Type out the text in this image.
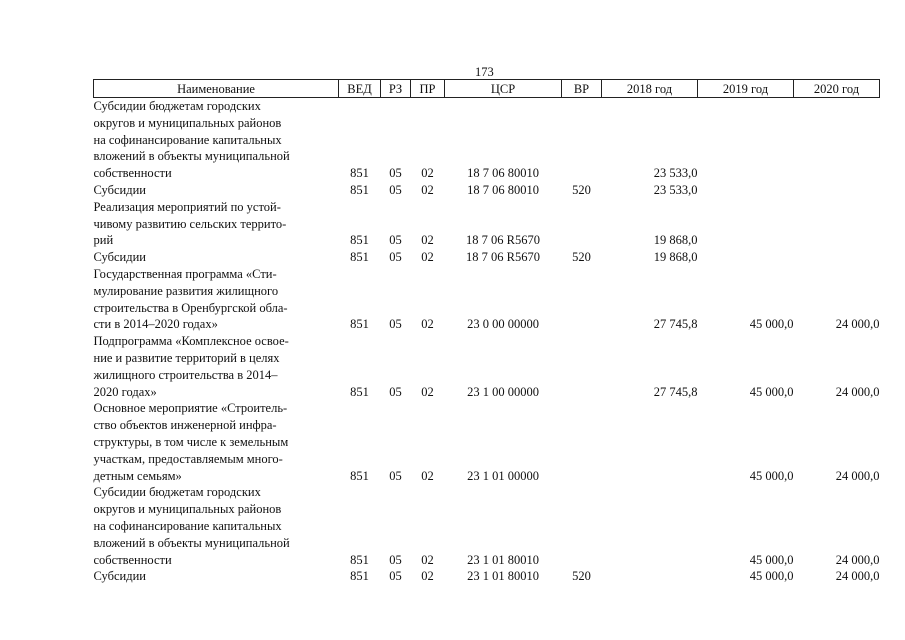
173
Наименование	ВЕД	РЗ	ПР	ЦСР	ВР	2018 год	2019 год	2020 год

Субсидии бюджетам городских
округов и муниципальных районов
на софинансирование капитальных
вложений в объекты муниципальной
собственности	851	05	02	18 7 06 80010		23 533,0		

Субсидии	851	05	02	18 7 06 80010	520	23 533,0		

Реализация мероприятий по устой-
чивому развитию сельских террито-
рий	851	05	02	18 7 06 R5670		19 868,0		

Субсидии	851	05	02	18 7 06 R5670	520	19 868,0		

Государственная программа «Сти-
мулирование развития жилищного
строительства в Оренбургской обла-
сти в 2014–2020 годах»	851	05	02	23 0 00 00000		27 745,8	45 000,0	24 000,0

Подпрограмма «Комплексное освое-
ние и развитие территорий в целях
жилищного строительства в 2014–
2020 годах»	851	05	02	23 1 00 00000		27 745,8	45 000,0	24 000,0

Основное мероприятие «Строитель-
ство объектов инженерной инфра-
структуры, в том числе к земельным
участкам, предоставляемым много-
детным семьям»	851	05	02	23 1 01 00000			45 000,0	24 000,0

Субсидии бюджетам городских
округов и муниципальных районов
на софинансирование капитальных
вложений в объекты муниципальной
собственности	851	05	02	23 1 01 80010			45 000,0	24 000,0

Субсидии	851	05	02	23 1 01 80010	520		45 000,0	24 000,0
